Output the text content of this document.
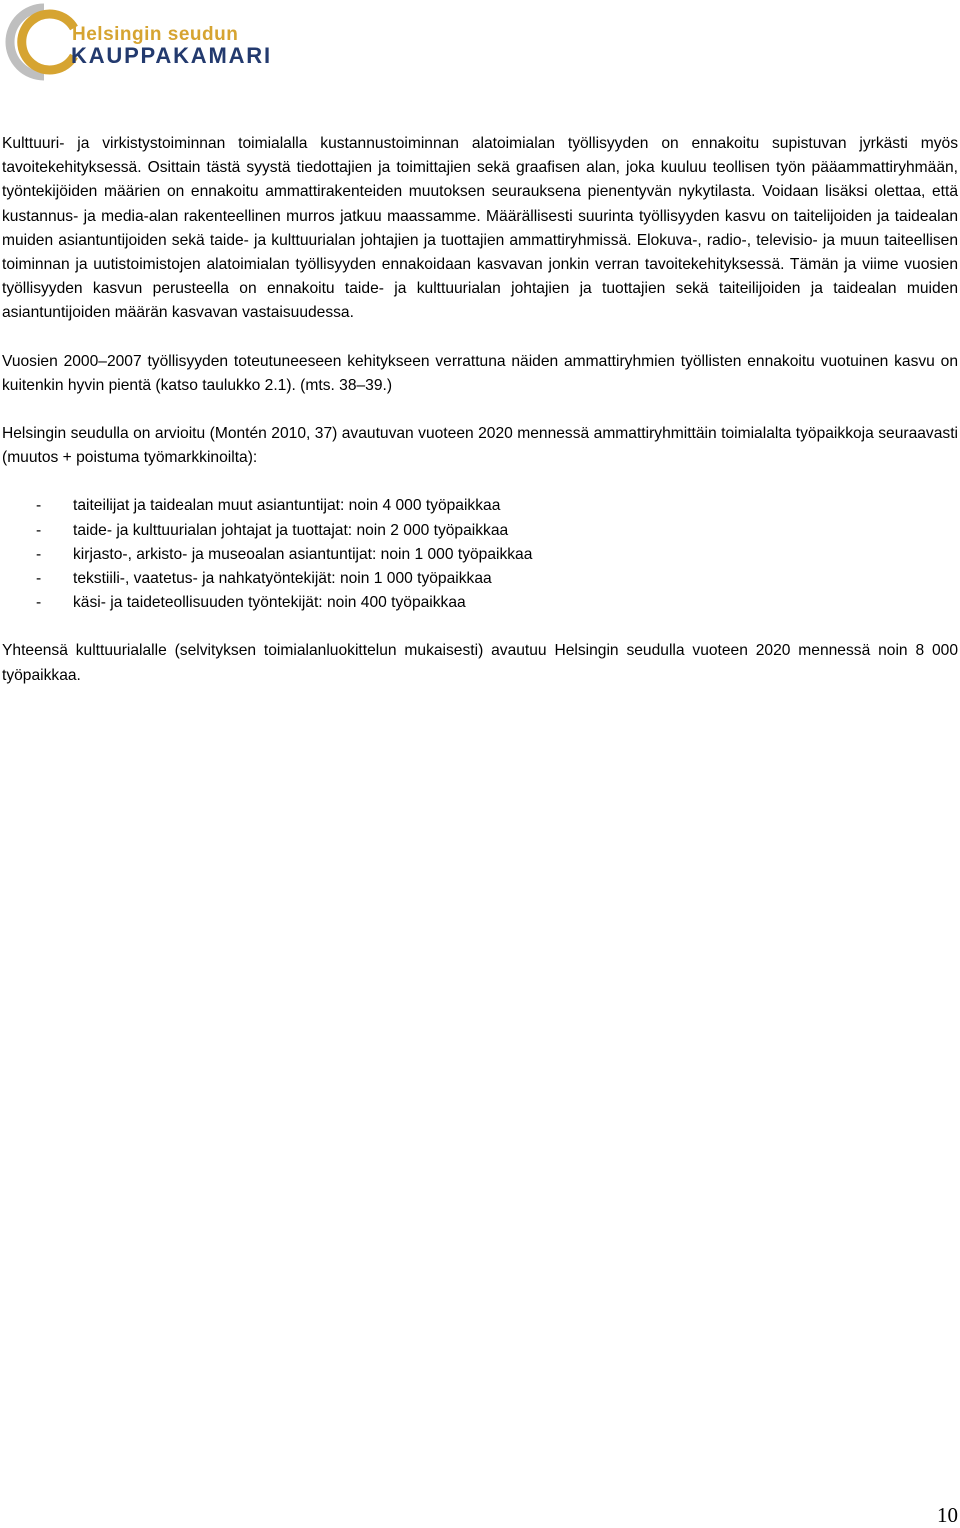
Helsingin seudun
KAUPPAKAMARI

Kulttuuri- ja virkistystoiminnan toimialalla kustannustoiminnan alatoimialan työllisyyden on ennakoitu supistuvan jyrkästi myös tavoitekehityksessä. Osittain tästä syystä tiedottajien ja toimittajien sekä graafisen alan, joka kuuluu teollisen työn pääammattiryhmään, työntekijöiden määrien on ennakoitu ammattirakenteiden muutoksen seurauksena pienentyvän nykytilasta. Voidaan lisäksi olettaa, että kustannus- ja media-alan rakenteellinen murros jatkuu maassamme. Määrällisesti suurinta työllisyyden kasvu on taitelijoiden ja taidealan muiden asiantuntijoiden sekä taide- ja kulttuurialan johtajien ja tuottajien ammattiryhmissä. Elokuva-, radio-, televisio- ja muun taiteellisen toiminnan ja uutistoimistojen alatoimialan työllisyyden ennakoidaan kasvavan jonkin verran tavoitekehityksessä. Tämän ja viime vuosien työllisyyden kasvun perusteella on ennakoitu taide- ja kulttuurialan johtajien ja tuottajien sekä taiteilijoiden ja taidealan muiden asiantuntijoiden määrän kasvavan vastaisuudessa.

Vuosien 2000–2007 työllisyyden toteutuneeseen kehitykseen verrattuna näiden ammattiryhmien työllisten ennakoitu vuotuinen kasvu on kuitenkin hyvin pientä (katso taulukko 2.1). (mts. 38–39.)

Helsingin seudulla on arvioitu (Montén 2010, 37) avautuvan vuoteen 2020 mennessä ammattiryhmittäin toimialalta työpaikkoja seuraavasti (muutos + poistuma työmarkkinoilta):

- taiteilijat ja taidealan muut asiantuntijat: noin 4 000 työpaikkaa
- taide- ja kulttuurialan johtajat ja tuottajat: noin 2 000 työpaikkaa
- kirjasto-, arkisto- ja museoalan asiantuntijat: noin 1 000 työpaikkaa
- tekstiili-, vaatetus- ja nahkatyöntekijät: noin 1 000 työpaikkaa
- käsi- ja taideteollisuuden työntekijät: noin 400 työpaikkaa

Yhteensä kulttuurialalle (selvityksen toimialanluokittelun mukaisesti) avautuu Helsingin seudulla vuoteen 2020 mennessä noin 8 000 työpaikkaa.

10
